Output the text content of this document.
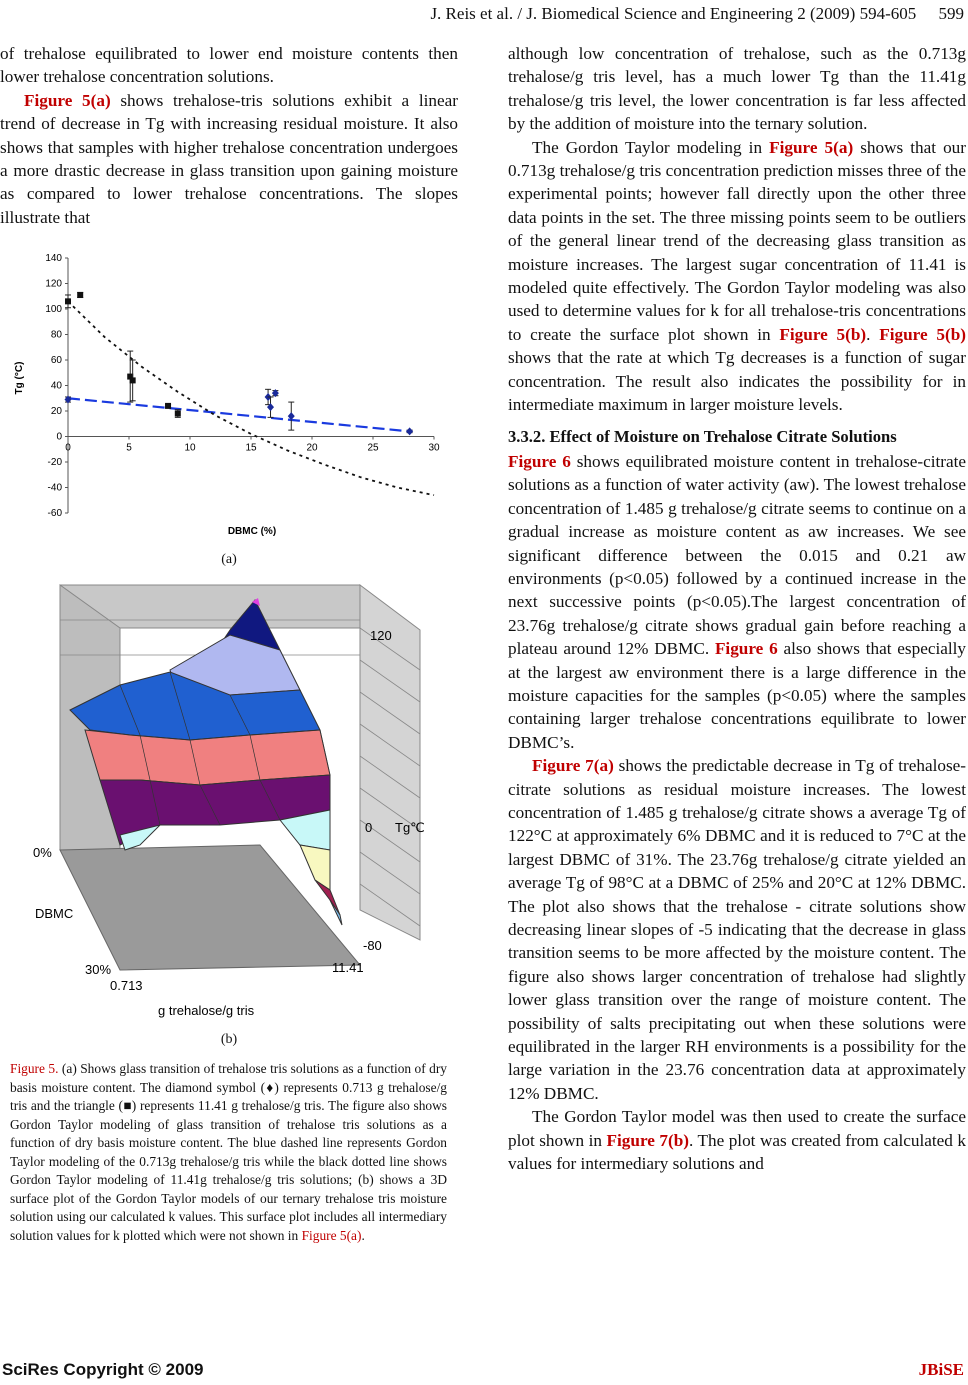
J. Reis et al. / J. Biomedical Science and Engineering 2 (2009) 594-605 599

of trehalose equilibrated to lower end moisture contents then lower trehalose concentration solutions.

Figure 5(a) shows trehalose-tris solutions exhibit a linear trend of decrease in Tg with increasing residual moisture. It also shows that samples with higher trehalose concentration undergoes a more drastic decrease in glass transition upon gaining moisture as compared to lower trehalose concentrations. The slopes illustrate that

140
120
100
80
60
40
20
0
-20
-40
-60
0	5	10	15	20	25	30
Tg (°C)
DBMC (%)
(a)
120
0
-80
Tg℃
0%
DBMC
30%
0.713
11.41
g trehalose/g tris
(b)
Figure 5. (a) Shows glass transition of trehalose tris solutions as a function of dry basis moisture content. The diamond symbol (♦) represents 0.713 g trehalose/g tris and the triangle (■) represents 11.41 g trehalose/g tris. The figure also shows Gordon Taylor modeling of glass transition of trehalose tris solutions as a function of dry basis moisture content. The blue dashed line represents Gordon Taylor modeling of the 0.713g trehalose/g tris while the black dotted line shows Gordon Taylor modeling of 11.41g trehalose/g tris solutions; (b) shows a 3D surface plot of the Gordon Taylor models of our ternary trehalose tris moisture solution using our calculated k values. This surface plot includes all intermediary solution values for k plotted which were not shown in Figure 5(a).

although low concentration of trehalose, such as the 0.713g trehalose/g tris level, has a much lower Tg than the 11.41g trehalose/g tris level, the lower concentration is far less affected by the addition of moisture into the ternary solution.

The Gordon Taylor modeling in Figure 5(a) shows that our 0.713g trehalose/g tris concentration prediction misses three of the experimental points; however fall directly upon the other three data points in the set. The three missing points seem to be outliers of the general linear trend of the decreasing glass transition as moisture increases. The largest sugar concentration of 11.41 is modeled quite effectively. The Gordon Taylor modeling was also used to determine values for k for all trehalose-tris concentrations to create the surface plot shown in Figure 5(b). Figure 5(b) shows that the rate at which Tg decreases is a function of sugar concentration. The result also indicates the possibility for in intermediate maximum in larger moisture levels.

3.3.2. Effect of Moisture on Trehalose Citrate Solutions

Figure 6 shows equilibrated moisture content in trehalose-citrate solutions as a function of water activity (aw). The lowest trehalose concentration of 1.485 g trehalose/g citrate seems to continue on a gradual increase as moisture content as aw increases. We see significant difference between the 0.015 and 0.21 aw environments (p<0.05) followed by a continued increase in the next successive points (p<0.05).The largest concentration of 23.76g trehalose/g citrate shows gradual gain before reaching a plateau around 12% DBMC. Figure 6 also shows that especially at the largest aw environment there is a large difference in the moisture capacities for the samples (p<0.05) where the samples containing larger trehalose concentrations equilibrate to lower DBMC’s.

Figure 7(a) shows the predictable decrease in Tg of trehalose-citrate solutions as residual moisture increases. The lowest concentration of 1.485 g trehalose/g citrate shows a average Tg of 122°C at approximately 6% DBMC and it is reduced to 7°C at the largest DBMC of 31%. The 23.76g trehalose/g citrate yielded an average Tg of 98°C at a DBMC of 25% and 20°C at 12% DBMC. The plot also shows that the trehalose - citrate solutions show decreasing linear slopes of -5 indicating that the decrease in glass transition seems to be more affected by the moisture content. The figure also shows larger concentration of trehalose had slightly lower glass transition over the range of moisture content. The possibility of salts precipitating out when these solutions were equilibrated in the larger RH environments is a possibility for the large variation in the 23.76 concentration data at approximately 12% DBMC.

The Gordon Taylor model was then used to create the surface plot shown in Figure 7(b). The plot was created from calculated k values for intermediary solutions and

SciRes Copyright © 2009	JBiSE
